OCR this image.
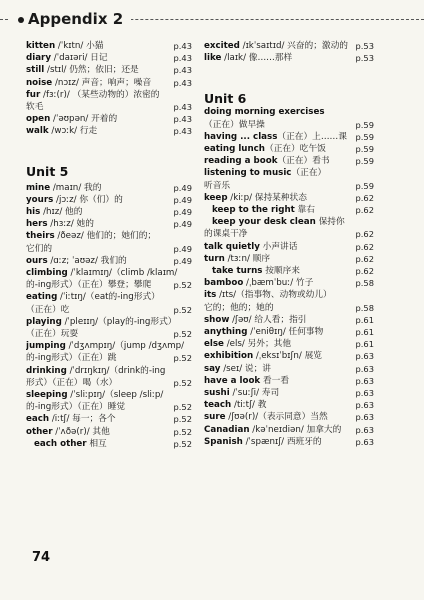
Appendix 2
Unit 5
kitten /ˈkɪtn/ 小猫	p.43
diary /ˈdaɪəri/ 日记	p.43
still /stɪl/ 仍然；依旧；还是	p.43
noise /nɔɪz/ 声音；响声；噪音	p.43
fur /fɜː(r)/ （某些动物的）浓密的
软毛	p.43
open /ˈəʊpən/ 开着的	p.43
walk /wɔːk/ 行走	p.43
mine /maɪn/ 我的	p.49
yours /jɔːz/ 你（们）的	p.49
his /hɪz/ 他的	p.49
hers /hɜːz/ 她的	p.49
theirs /ðeəz/ 他们的；她们的；
它们的	p.49
ours /ɑːz; ˈaʊəz/ 我们的	p.49
climbing /ˈklaɪmɪŋ/（climb /klaɪm/
的-ing形式）（正在）攀登；攀爬	p.52
eating /ˈiːtɪŋ/（eat的-ing形式）
（正在）吃	p.52
playing /ˈpleɪɪŋ/（play的-ing形式）
（正在）玩耍	p.52
jumping /ˈdʒʌmpɪŋ/（jump /dʒʌmp/
的-ing形式）（正在）跳	p.52
drinking /ˈdrɪŋkɪŋ/（drink的-ing
形式）（正在）喝（水）	p.52
sleeping /ˈsliːpɪŋ/（sleep /sliːp/
的-ing形式）（正在）睡觉	p.52
each /iːtʃ/ 每一；各个	p.52
other /ˈʌðə(r)/ 其他	p.52
each other 相互	p.52
Unit 6
excited /ɪkˈsaɪtɪd/ 兴奋的；激动的 p.53
like /laɪk/ 像……那样	p.53
doing morning exercises
（正在）做早操	p.59
having ... class（正在）上……课 p.59
eating lunch（正在）吃午饭	p.59
reading a book（正在）看书	p.59
listening to music（正在）
听音乐	p.59
keep /kiːp/ 保持某种状态	p.62
keep to the right 靠右	p.62
keep your desk clean 保持你
的课桌干净	p.62
talk quietly 小声讲话	p.62
turn /tɜːn/ 顺序	p.62
take turns 按顺序来	p.62
bamboo /ˌbæmˈbuː/ 竹子	p.58
its /ɪts/（指事物、动物或幼儿）
它的；他的；她的	p.58
show /ʃəʊ/ 给人看；指引	p.61
anything /ˈeniθɪŋ/ 任何事物	p.61
else /els/ 另外；其他	p.61
exhibition /ˌeksɪˈbɪʃn/ 展览	p.63
say /seɪ/ 说；讲	p.63
have a look 看一看	p.63
sushi /ˈsuːʃi/ 寿司	p.63
teach /tiːtʃ/ 教	p.63
sure /ʃʊə(r)/（表示同意）当然	p.63
Canadian /kəˈneɪdiən/ 加拿大的 p.63
Spanish /ˈspænɪʃ/ 西班牙的	p.63
74
